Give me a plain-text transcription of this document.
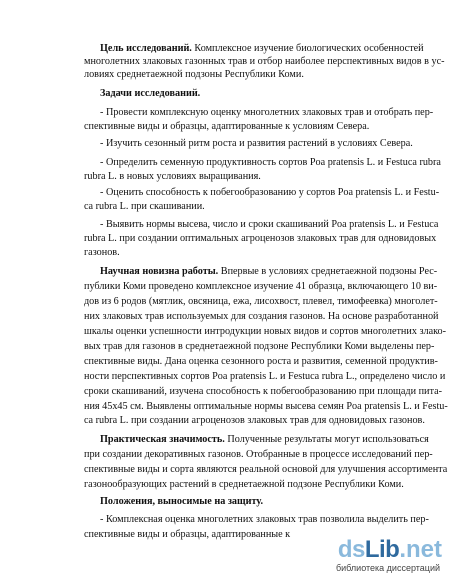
Цель исследований. Комплексное изучение биологических особенностей
многолетних злаковых газонных трав и отбор наиболее перспективных видов в ус-
ловиях среднетаежной подзоны Республики Коми.
Задачи исследований.
- Провести комплексную оценку многолетних злаковых трав и отобрать пер-
спективные виды и образцы, адаптированные к условиям Севера.
- Изучить сезонный ритм роста и развития растений в условиях Севера.
- Определить семенную продуктивность сортов Poa pratensis L. и Festuca rubra
rubra L. в новых условиях выращивания.
- Оценить способность к побегообразованию у сортов Poa pratensis L. и Festu-
ca rubra L. при скашивании.
- Выявить нормы высева, число и сроки скашиваний Poa pratensis L. и Festuca
rubra L. при создании оптимальных агроценозов злаковых трав для одновидовых
газонов.
Научная новизна работы. Впервые в условиях среднетаежной подзоны Рес-
публики Коми проведено комплексное изучение 41 образца, включающего 10 ви-
дов из 6 родов (мятлик, овсяница, ежа, лисохвост, плевел, тимофеевка) многолет-
них злаковых трав используемых для создания газонов. На основе разработанной
шкалы оценки успешности интродукции новых видов и сортов многолетних злако-
вых трав для газонов в среднетаежной подзоне Республики Коми выделены пер-
спективные виды. Дана оценка сезонного роста и развития, семенной продуктив-
ности перспективных сортов Poa pratensis L. и Festuca rubra L., определено число и
сроки скашиваний, изучена способность к побегообразованию при площади пита-
ния 45х45 см. Выявлены оптимальные нормы высева семян Poa pratensis L. и Festu-
ca rubra L. при создании агроценозов злаковых трав для одновидовых газонов.
Практическая значимость. Полученные результаты могут использоваться
при создании декоративных газонов. Отобранные в процессе исследований пер-
спективные виды и сорта являются реальной основой для улучшения ассортимента
газонообразующих растений в среднетаежной подзоне Республики Коми.
Положения, выносимые на защиту.
- Комплексная оценка многолетних злаковых трав позволила выделить пер-
спективные виды и образцы, адаптированные к
ds Lib .net
библиотека диссертаций
